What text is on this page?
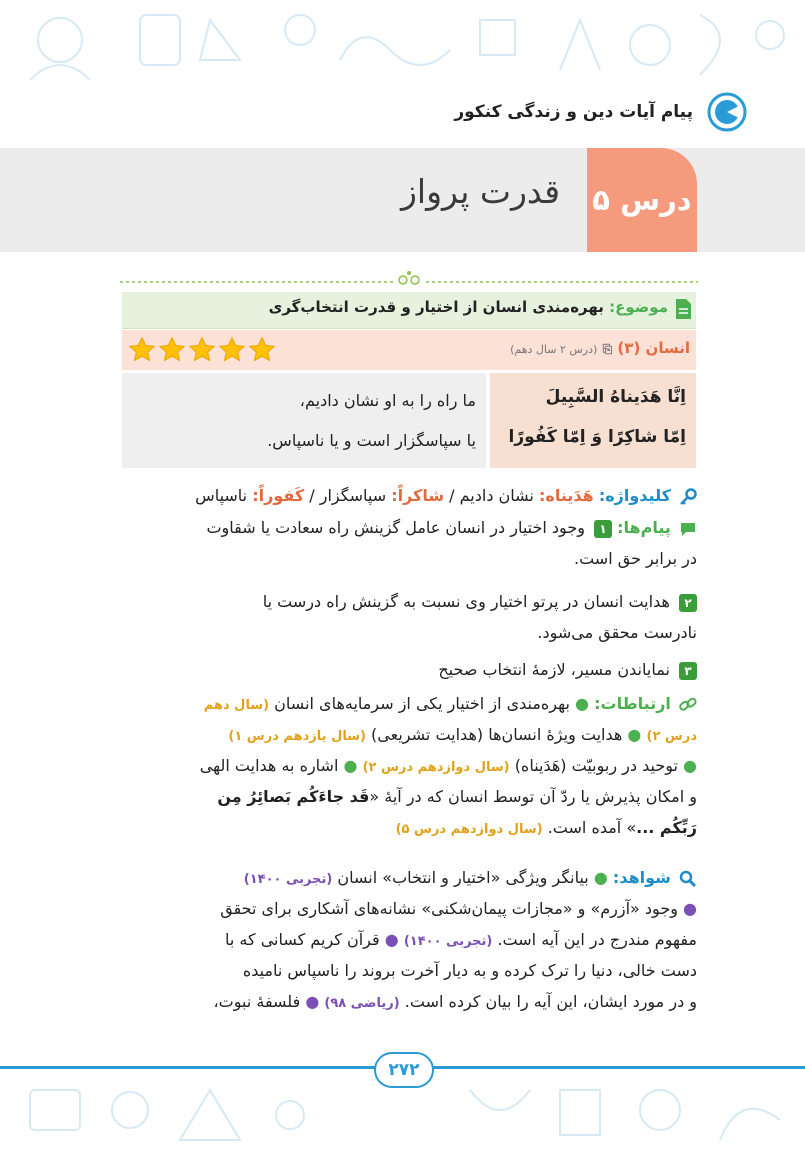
پیام آیات دین و زندگی کنکور
درس ۵
قدرت پرواز
موضوع: بهره‌مندی انسان از اختیار و قدرت انتخاب‌گری
انسان (۳) ⎘ (درس ۲ سال دهم)
اِنَّا هَدَیناهُ السَّبِیلَ
اِمّا شاکِرًا وَ اِمّا کَفُورًا
ما راه را به او نشان دادیم،
یا سپاسگزار است و یا ناسپاس.
کلیدواژه: هَدَیناه: نشان دادیم / شاکراً: سپاسگزار / کَفوراً: ناسپاس
پیام‌ها: ۱ وجود اختیار در انسان عامل گزینش راه سعادت یا شقاوت
در برابر حق است.
۲ هدایت انسان در پرتو اختیار وی نسبت به گزینش راه درست یا
نادرست محقق می‌شود.
۳ نمایاندن مسیر، لازمهٔ انتخاب صحیح
ارتباطات: ● بهره‌مندی از اختیار یکی از سرمایه‌های انسان (سال دهم
درس ۲) ● هدایت ویژهٔ انسان‌ها (هدایت تشریعی) (سال یازدهم درس ۱)
● توحید در ربوبیّت (هَدَیناه) (سال دوازدهم درس ۲) ● اشاره به هدایت الهی
و امکان پذیرش یا ردّ آن توسط انسان که در آیهٔ «قَد جاءَکُم بَصائِرُ مِن
رَبِّکُم ...» آمده است. (سال دوازدهم درس ۵)
شواهد: ● بیانگر ویژگی «اختیار و انتخاب» انسان (تجربی ۱۴۰۰)
● وجود «آزرم» و «مجازات پیمان‌شکنی» نشانه‌های آشکاری برای تحقق
مفهوم مندرج در این آیه است. (تجربی ۱۴۰۰) ● قرآن کریم کسانی که با
دست خالی، دنیا را ترک کرده و به دیار آخرت بروند را ناسپاس نامیده
و در مورد ایشان، این آیه را بیان کرده است. (ریاضی ۹۸) ● فلسفهٔ نبوت،
۲۷۲
